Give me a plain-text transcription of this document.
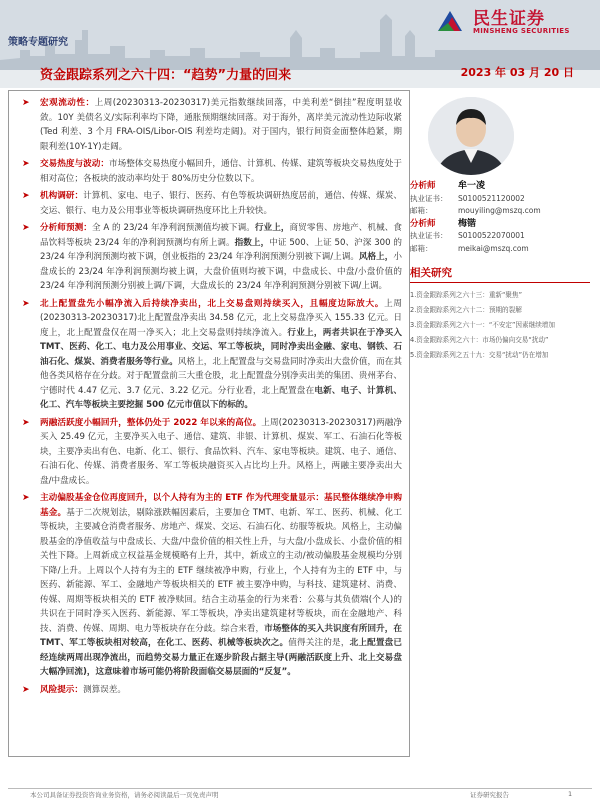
策略专题研究
资金跟踪系列之六十四：“趋势”力量的回来	2023 年 03 月 20 日
民生证券
MINSHENG SECURITIES
➤ 宏观流动性：上周(20230313-20230317)美元指数继续回落，中美利差“倒挂”程度明显收敛。10Y 美债名义/实际利率均下降，通胀预期继续回落。对于海外，离岸美元流动性边际收紧(Ted 利差、3 个月 FRA-OIS/Libor-OIS 利差均走阔)。对于国内，银行间资金面整体趋紧，期限利差(10Y-1Y)走阔。
➤ 交易热度与波动：市场整体交易热度小幅回升，通信、计算机、传媒、建筑等板块交易热度处于相对高位；各板块的波动率均处于 80%历史分位数以下。
➤ 机构调研：计算机、家电、电子、银行、医药、有色等板块调研热度居前，通信、传媒、煤炭、交运、银行、电力及公用事业等板块调研热度环比上升较快。
➤ 分析师预测：全 A 的 23/24 年净利润预测值均被下调。行业上，商贸零售、房地产、机械、食品饮料等板块 23/24 年的净利润预测均有所上调。指数上，中证 500、上证 50、沪深 300 的 23/24 年净利润预测均被下调，创业板指的 23/24 年净利润预测分别被下调/上调。风格上，小盘成长的 23/24 年净利润预测均被上调，大盘价值则均被下调，中盘成长、中盘/小盘价值的 23/24 年净利润预测分别被上调/下调，大盘成长的 23/24 年净利润预测分别被下调/上调。
➤ 北上配置盘先小幅净流入后持续净卖出，北上交易盘则持续买入，且幅度边际放大。上周(20230313-20230317)北上配置盘净卖出 34.58 亿元，北上交易盘净买入 155.33 亿元。日度上，北上配置盘仅在周一净买入；北上交易盘则持续净流入。行业上，两者共识在于净买入 TMT、医药、化工、电力及公用事业、交运、军工等板块，同时净卖出金融、家电、钢铁、石油石化、煤炭、消费者服务等行业。风格上，北上配置盘与交易盘同时净卖出大盘价值，而在其他各类风格存在分歧。对于配置盘前三大重仓股，北上配置盘分别净卖出美的集团、贵州茅台、宁德时代 4.47 亿元、3.7 亿元、3.22 亿元。分行业看，北上配置盘在电新、电子、计算机、化工、汽车等板块主要挖掘 500 亿元市值以下的标的。
➤ 两融活跃度小幅回升，整体仍处于 2022 年以来的高位。上周(20230313-20230317)两融净买入 25.49 亿元，主要净买入电子、通信、建筑、非银、计算机、煤炭、军工、石油石化等板块，主要净卖出有色、电新、化工、银行、食品饮料、汽车、家电等板块。建筑、电子、通信、石油石化、传媒、消费者服务、军工等板块融资买入占比均上升。风格上，两融主要净卖出大盘/中盘成长。
➤ 主动偏股基金仓位再度回升，以个人持有为主的 ETF 作为代理变量显示：基民整体继续净申购基金。基于二次规划法，剔除涨跌幅因素后，主要加仓 TMT、电新、军工、医药、机械、化工等板块，主要减仓消费者服务、房地产、煤炭、交运、石油石化、纺服等板块。风格上，主动偏股基金的净值收益与中盘成长、大盘/中盘价值的相关性上升，与大盘/小盘成长、小盘价值的相关性下降。上周新成立权益基金规模略有上升，其中，新成立的主动/被动偏股基金规模均分别下降/上升。上周以个人持有为主的 ETF 继续被净申购，行业上，个人持有为主的 ETF 中，与医药、新能源、军工、金融地产等板块相关的 ETF 被主要净申购，与科技、建筑建材、消费、传媒、周期等板块相关的 ETF 被净赎回。结合主动基金的行为来看：公募与其负债端(个人)的共识在于同时净买入医药、新能源、军工等板块，净卖出建筑建材等板块，而在金融地产、科技、消费、传媒、周期、电力等板块存在分歧。综合来看，市场整体的买入共识度有所回升，在 TMT、军工等板块相对较高，在化工、医药、机械等板块次之。值得关注的是，北上配置盘已经连续两周出现净流出，而趋势交易力量正在逐步阶段占据主导(两融活跃度上升、北上交易盘大幅净回流)，这意味着市场可能仍将阶段面临交易层面的“反复”。
➤ 风险提示：测算误差。
分析师 牟一凌
执业证书： S0100521120002
邮箱：	mouyiling@mszq.com
分析师 梅锴
执业证书： S0100522070001
邮箱：	meikai@mszq.com
相关研究
1.资金跟踪系列之六十三：重新“聚焦”
2.资金跟踪系列之六十二：预期的裂解
3.资金跟踪系列之六十一：“不安定”因素继续增加
4.资金跟踪系列之六十：市场仍偏向交易“扰动”
5.资金跟踪系列之五十九：交易“扰动”仍在增加
本公司具备证券投资咨询业务资格，请务必阅读最后一页免责声明	证券研究报告	1
